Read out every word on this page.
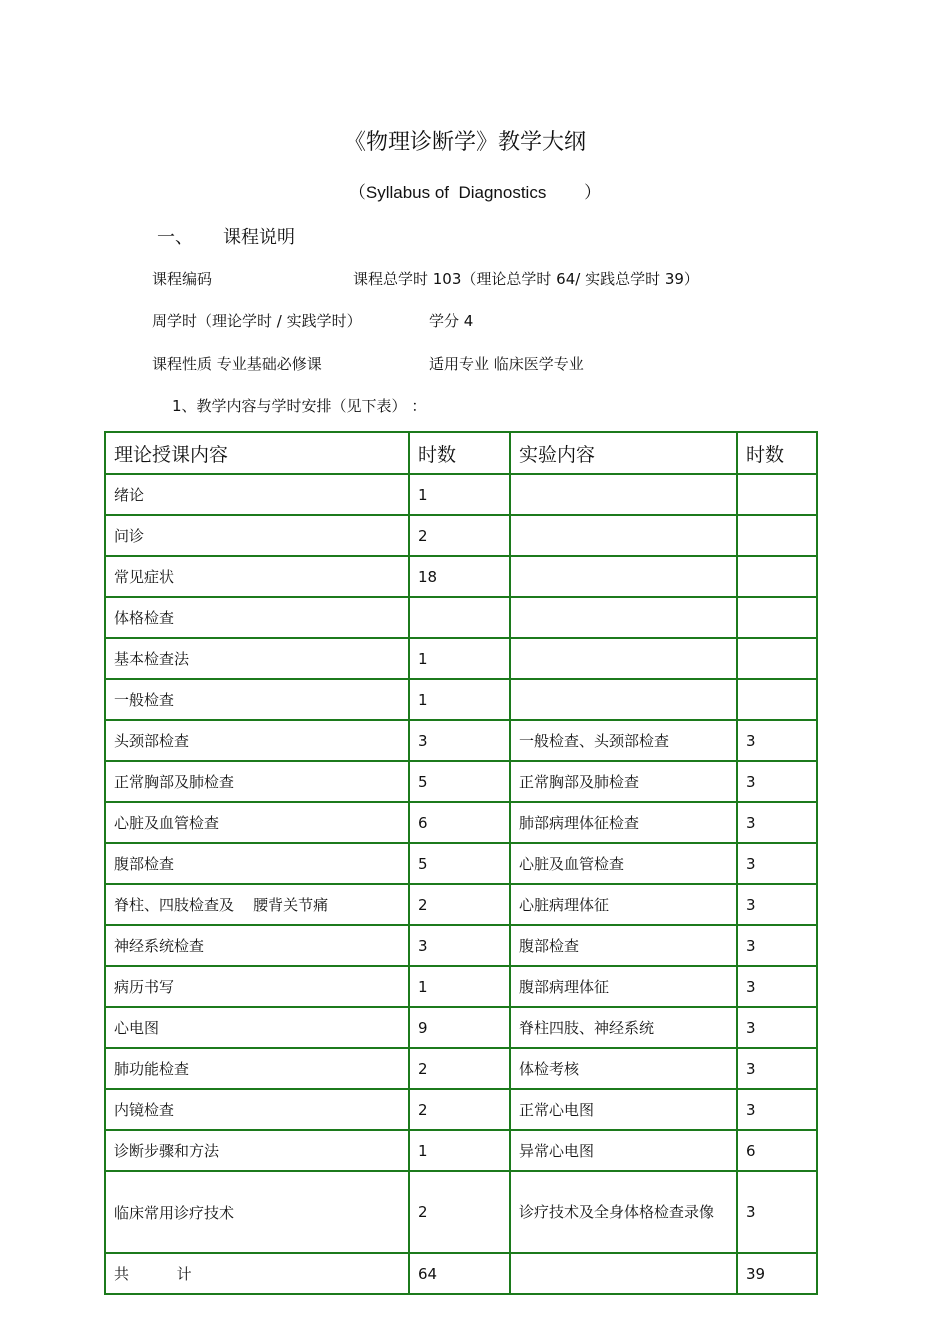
《物理诊断学》教学大纲
（Syllabus of  Diagnostics        ）
一、 课程说明
课程编码	课程总学时 103（理论总学时 64/ 实践总学时 39）
周学时（理论学时 / 实践学时）	学分 4
课程性质 专业基础必修课	适用专业 临床医学专业
1、教学内容与学时安排（见下表） ：
理论授课内容	时数	实验内容	时数
绪论	1		
问诊	2		
常见症状	18		
体格检查			
基本检查法	1		
一般检查	1		
头颈部检查	3	一般检查、头颈部检查	3
正常胸部及肺检查	5	正常胸部及肺检查	3
心脏及血管检查	6	肺部病理体征检查	3
腹部检查	5	心脏及血管检查	3
脊柱、四肢检查及    腰背关节痛	2	心脏病理体征	3
神经系统检查	3	腹部检查	3
病历书写	1	腹部病理体征	3
心电图	9	脊柱四肢、神经系统	3
肺功能检查	2	体检考核	3
内镜检查	2	正常心电图	3
诊断步骤和方法	1	异常心电图	6
临床常用诊疗技术	2	诊疗技术及全身体格检查录像	3
共          计	64		39
